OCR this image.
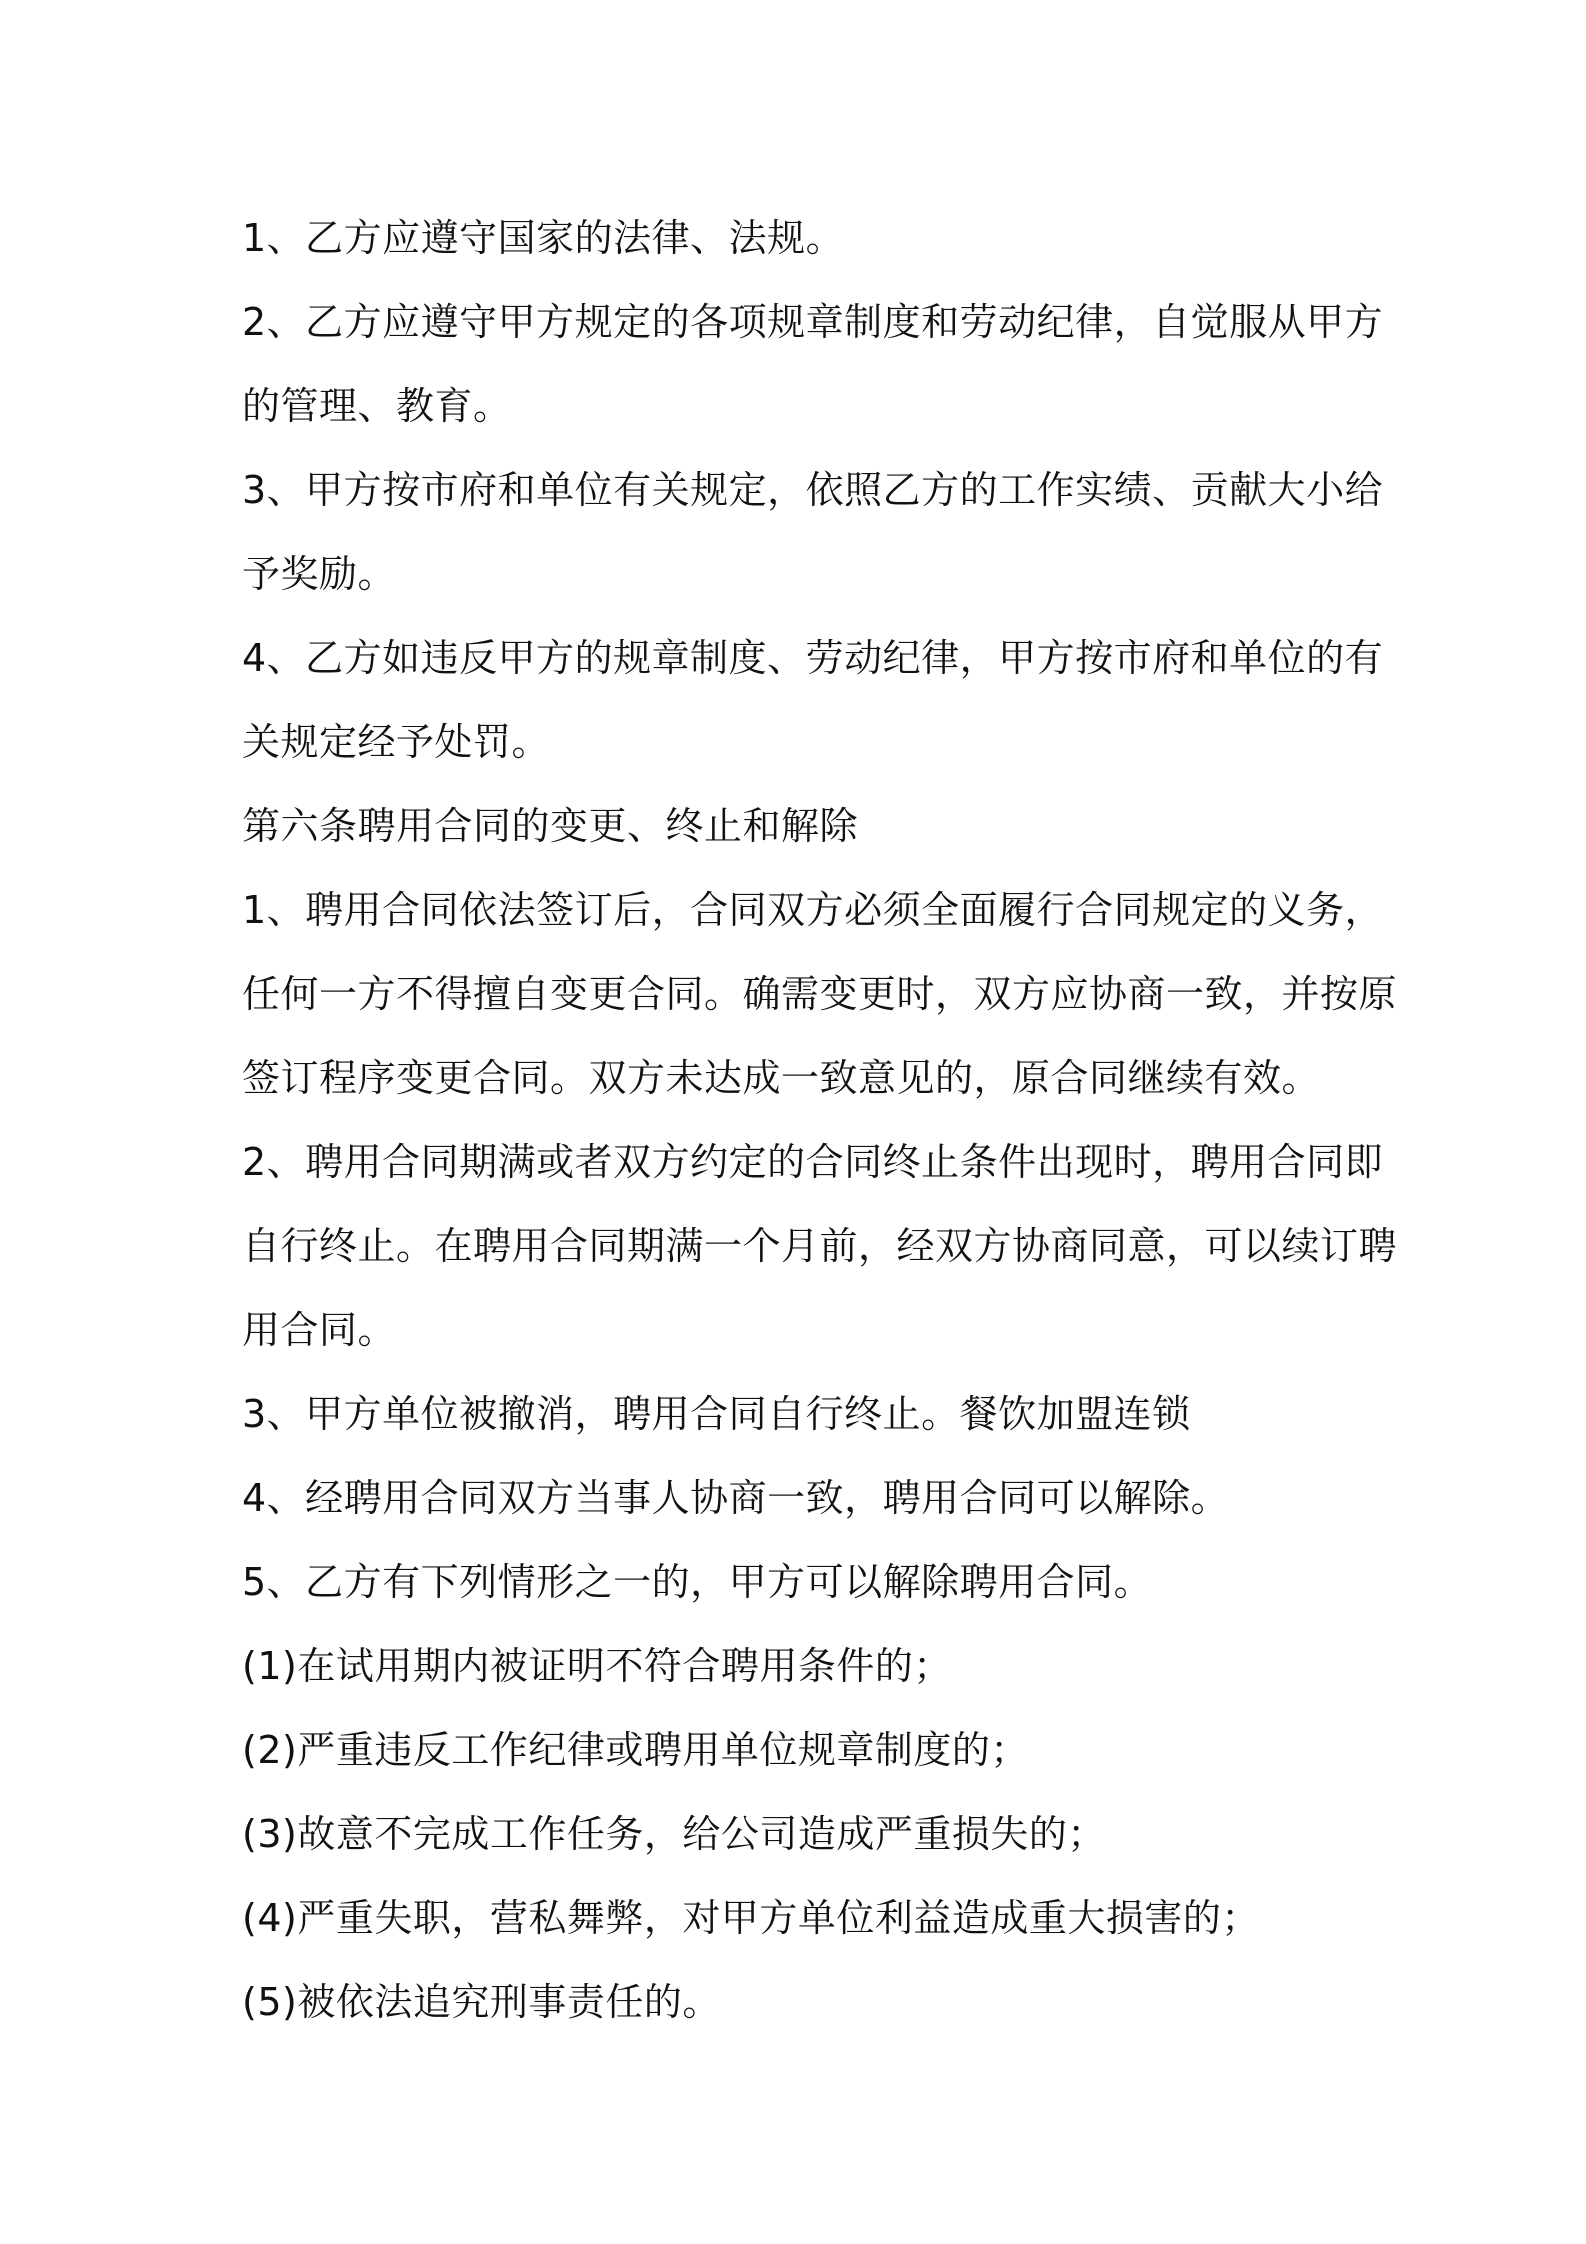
1、乙方应遵守国家的法律、法规。
2、乙方应遵守甲方规定的各项规章制度和劳动纪律，自觉服从甲方
的管理、教育。
3、甲方按市府和单位有关规定，依照乙方的工作实绩、贡献大小给
予奖励。
4、乙方如违反甲方的规章制度、劳动纪律，甲方按市府和单位的有
关规定经予处罚。
第六条聘用合同的变更、终止和解除
1、聘用合同依法签订后，合同双方必须全面履行合同规定的义务，
任何一方不得擅自变更合同。确需变更时，双方应协商一致，并按原
签订程序变更合同。双方未达成一致意见的，原合同继续有效。
2、聘用合同期满或者双方约定的合同终止条件出现时，聘用合同即
自行终止。在聘用合同期满一个月前，经双方协商同意，可以续订聘
用合同。
3、甲方单位被撤消，聘用合同自行终止。餐饮加盟连锁
4、经聘用合同双方当事人协商一致，聘用合同可以解除。
5、乙方有下列情形之一的，甲方可以解除聘用合同。
(1)在试用期内被证明不符合聘用条件的；
(2)严重违反工作纪律或聘用单位规章制度的；
(3)故意不完成工作任务，给公司造成严重损失的；
(4)严重失职，营私舞弊，对甲方单位利益造成重大损害的；
(5)被依法追究刑事责任的。
